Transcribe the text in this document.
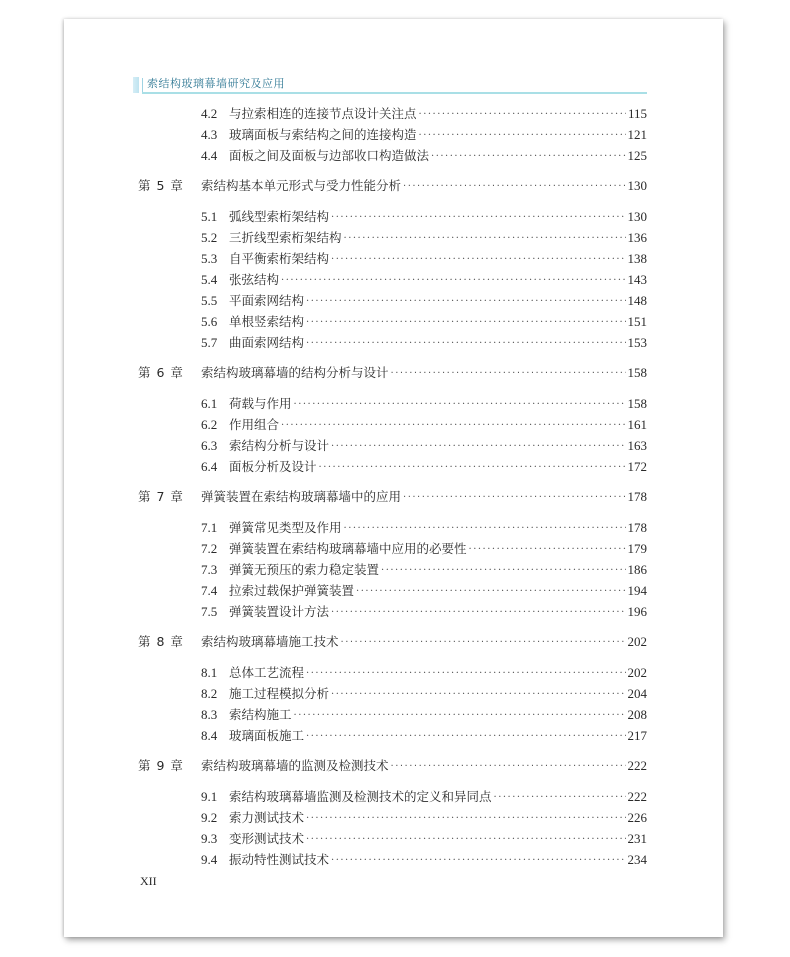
索结构玻璃幕墙研究及应用
4.2 与拉索相连的连接节点设计关注点 ·····	115
4.3 玻璃面板与索结构之间的连接构造 ·····	121
4.4 面板之间及面板与边部收口构造做法 ·····	125
第 5 章	索结构基本单元形式与受力性能分析 ·····	130
5.1 弧线型索桁架结构 ·····	130
5.2 三折线型索桁架结构 ·····	136
5.3 自平衡索桁架结构 ·····	138
5.4 张弦结构 ·····	143
5.5 平面索网结构 ·····	148
5.6 单根竖索结构 ·····	151
5.7 曲面索网结构 ·····	153
第 6 章	索结构玻璃幕墙的结构分析与设计 ·····	158
6.1 荷载与作用 ·····	158
6.2 作用组合 ·····	161
6.3 索结构分析与设计 ·····	163
6.4 面板分析及设计 ·····	172
第 7 章	弹簧装置在索结构玻璃幕墙中的应用 ·····	178
7.1 弹簧常见类型及作用 ·····	178
7.2 弹簧装置在索结构玻璃幕墙中应用的必要性 ·····	179
7.3 弹簧无预压的索力稳定装置 ·····	186
7.4 拉索过载保护弹簧装置 ·····	194
7.5 弹簧装置设计方法 ·····	196
第 8 章	索结构玻璃幕墙施工技术 ·····	202
8.1 总体工艺流程 ·····	202
8.2 施工过程模拟分析 ·····	204
8.3 索结构施工 ·····	208
8.4 玻璃面板施工 ·····	217
第 9 章	索结构玻璃幕墙的监测及检测技术 ·····	222
9.1 索结构玻璃幕墙监测及检测技术的定义和异同点 ·····	222
9.2 索力测试技术 ·····	226
9.3 变形测试技术 ·····	231
9.4 振动特性测试技术 ·····	234
XII
